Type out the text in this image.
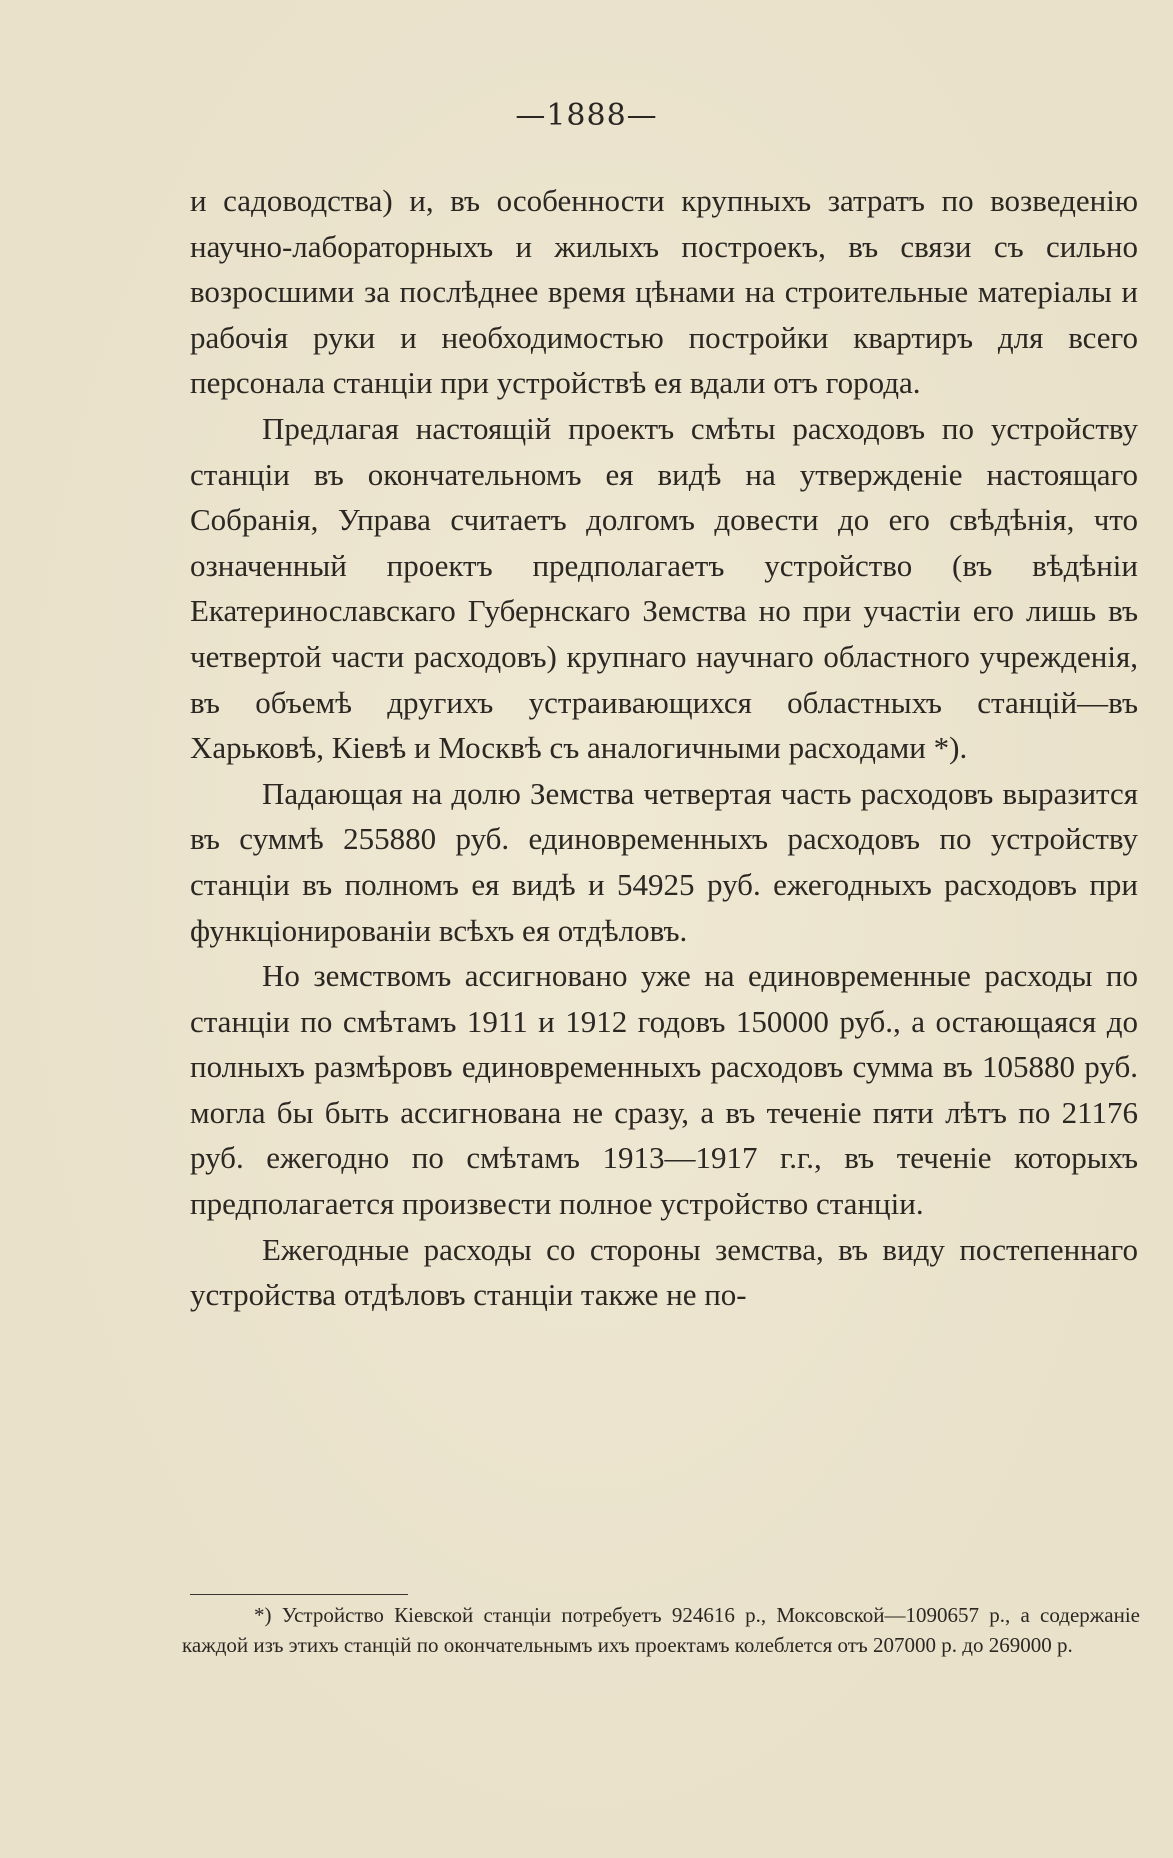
—1888—

и садоводства) и, въ особенности крупныхъ затратъ по возведенію научно-лабораторныхъ и жилыхъ построекъ, въ связи съ сильно возросшими за послѣднее время цѣнами на строительные матеріалы и рабочія руки и необходимостью постройки квартиръ для всего персонала станціи при устройствѣ ея вдали отъ города.

Предлагая настоящій проектъ смѣты расходовъ по устройству станціи въ окончательномъ ея видѣ на утвержденіе настоящаго Собранія, Управа считаетъ долгомъ довести до его свѣдѣнія, что означенный проектъ предполагаетъ устройство (въ вѣдѣніи Екатеринославскаго Губернскаго Земства но при участіи его лишь въ четвертой части расходовъ) крупнаго научнаго областного учрежденія, въ объемѣ другихъ устраивающихся областныхъ станцій—въ Харьковѣ, Кіевѣ и Москвѣ съ аналогичными расходами *).

Падающая на долю Земства четвертая часть расходовъ выразится въ суммѣ 255880 руб. единовременныхъ расходовъ по устройству станціи въ полномъ ея видѣ и 54925 руб. ежегодныхъ расходовъ при функціонированіи всѣхъ ея отдѣловъ.

Но земствомъ ассигновано уже на единовременные расходы по станціи по смѣтамъ 1911 и 1912 годовъ 150000 руб., а остающаяся до полныхъ размѣровъ единовременныхъ расходовъ сумма въ 105880 руб. могла бы быть ассигнована не сразу, а въ теченіе пяти лѣтъ по 21176 руб. ежегодно по смѣтамъ 1913—1917 г.г., въ теченіе которыхъ предполагается произвести полное устройство станціи.

Ежегодные расходы со стороны земства, въ виду постепеннаго устройства отдѣловъ станціи также не по-

*) Устройство Кіевской станціи потребуетъ 924616 р., Моксовской—1090657 р., а содержаніе каждой изъ этихъ станцій по окончательнымъ ихъ проектамъ колеблется отъ 207000 р. до 269000 р.
